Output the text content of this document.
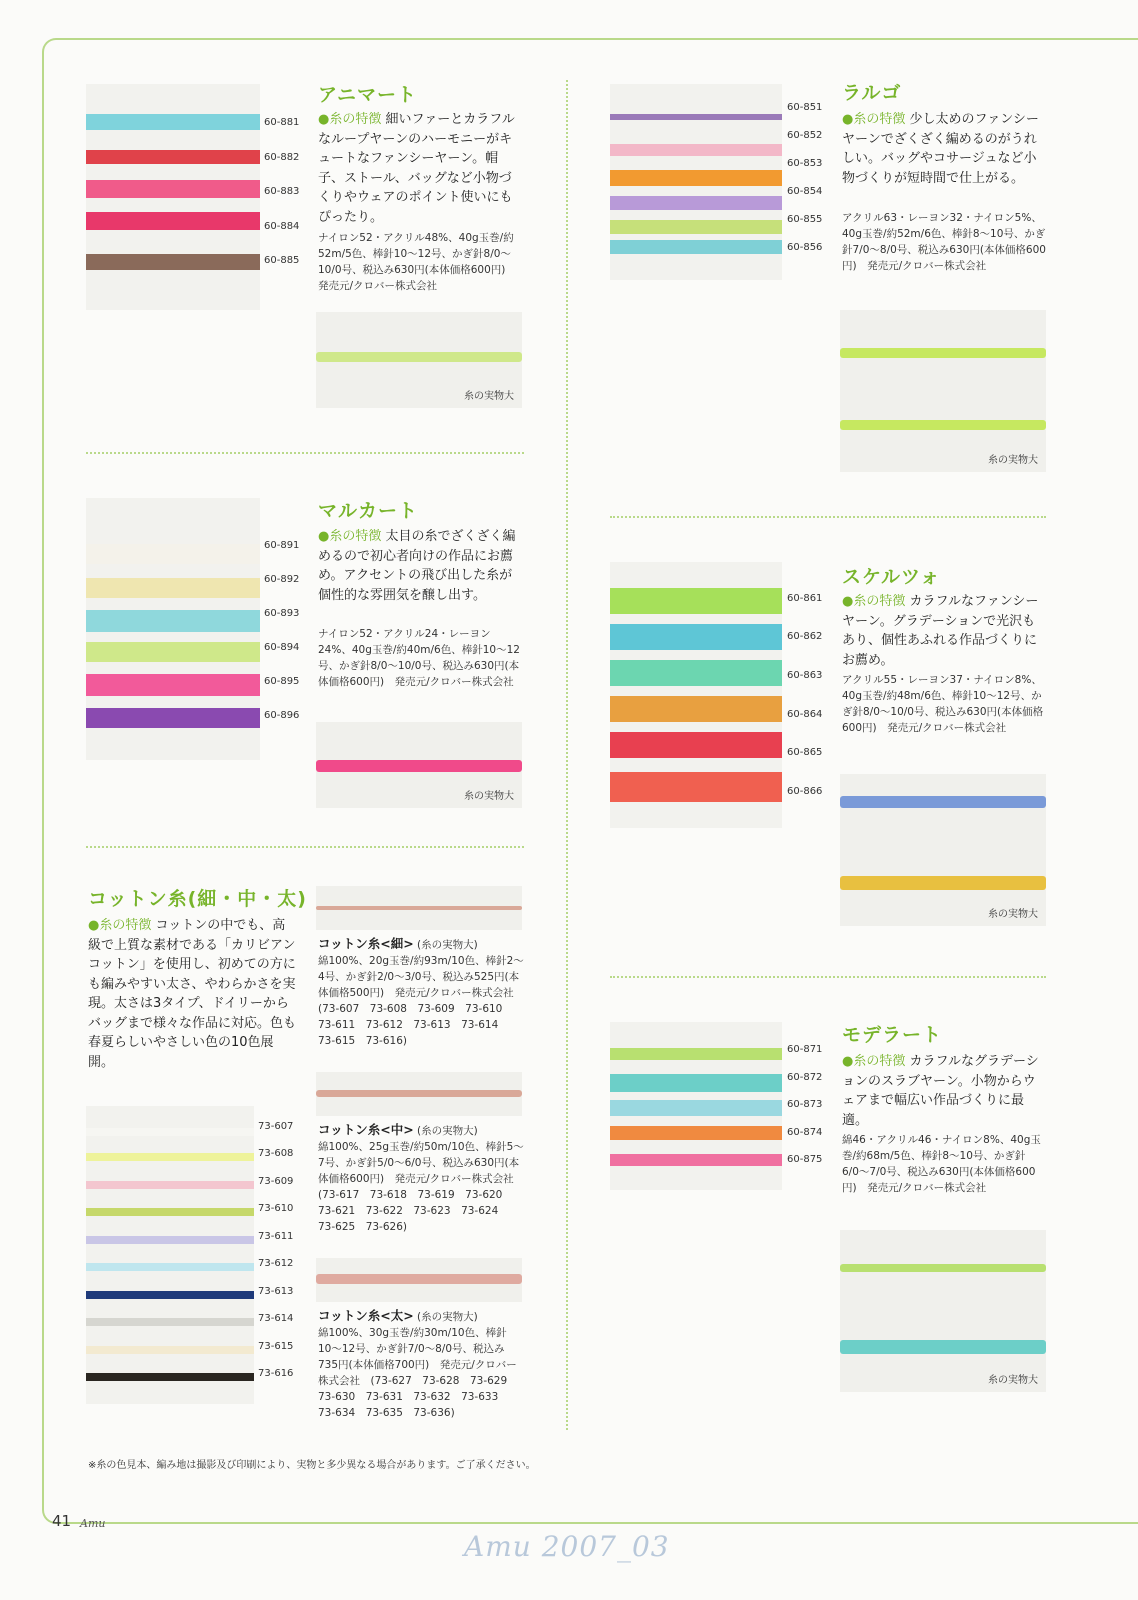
60-881
60-882
60-883
60-884
60-885
アニマート
●糸の特徴 細いファーとカラフルなループヤーンのハーモニーがキュートなファンシーヤーン。帽子、ストール、バッグなど小物づくりやウェアのポイント使いにもぴったり。
ナイロン52・アクリル48%、40g玉巻/約52m/5色、棒針10〜12号、かぎ針8/0〜10/0号、税込み630円(本体価格600円)　発売元/クロバー株式会社
糸の実物大
60-891
60-892
60-893
60-894
60-895
60-896
マルカート
●糸の特徴 太目の糸でざくざく編めるので初心者向けの作品にお薦め。アクセントの飛び出した糸が個性的な雰囲気を醸し出す。
ナイロン52・アクリル24・レーヨン24%、40g玉巻/約40m/6色、棒針10〜12号、かぎ針8/0〜10/0号、税込み630円(本体価格600円)　発売元/クロバー株式会社
糸の実物大
コットン糸(細・中・太)
●糸の特徴 コットンの中でも、高級で上質な素材である「カリビアンコットン」を使用し、初めての方にも編みやすい太さ、やわらかさを実現。太さは3タイプ、ドイリーからバッグまで様々な作品に対応。色も春夏らしいやさしい色の10色展開。
73-607
73-608
73-609
73-610
73-611
73-612
73-613
73-614
73-615
73-616
コットン糸<細> (糸の実物大)
綿100%、20g玉巻/約93m/10色、棒針2〜4号、かぎ針2/0〜3/0号、税込み525円(本体価格500円)　発売元/クロバー株式会社　(73-607　73-608　73-609　73-610　73-611　73-612　73-613　73-614　73-615　73-616)
コットン糸<中> (糸の実物大)
綿100%、25g玉巻/約50m/10色、棒針5〜7号、かぎ針5/0〜6/0号、税込み630円(本体価格600円)　発売元/クロバー株式会社　(73-617　73-618　73-619　73-620　73-621　73-622　73-623　73-624　73-625　73-626)
コットン糸<太> (糸の実物大)
綿100%、30g玉巻/約30m/10色、棒針10〜12号、かぎ針7/0〜8/0号、税込み735円(本体価格700円)　発売元/クロバー株式会社　(73-627　73-628　73-629　73-630　73-631　73-632　73-633　73-634　73-635　73-636)
60-851
60-852
60-853
60-854
60-855
60-856
ラルゴ
●糸の特徴 少し太めのファンシーヤーンでざくざく編めるのがうれしい。バッグやコサージュなど小物づくりが短時間で仕上がる。
アクリル63・レーヨン32・ナイロン5%、40g玉巻/約52m/6色、棒針8〜10号、かぎ針7/0〜8/0号、税込み630円(本体価格600円)　発売元/クロバー株式会社
糸の実物大
60-861
60-862
60-863
60-864
60-865
60-866
スケルツォ
●糸の特徴 カラフルなファンシーヤーン。グラデーションで光沢もあり、個性あふれる作品づくりにお薦め。
アクリル55・レーヨン37・ナイロン8%、40g玉巻/約48m/6色、棒針10〜12号、かぎ針8/0〜10/0号、税込み630円(本体価格600円)　発売元/クロバー株式会社
糸の実物大
60-871
60-872
60-873
60-874
60-875
モデラート
●糸の特徴 カラフルなグラデーションのスラブヤーン。小物からウェアまで幅広い作品づくりに最適。
綿46・アクリル46・ナイロン8%、40g玉巻/約68m/5色、棒針8〜10号、かぎ針6/0〜7/0号、税込み630円(本体価格600円)　発売元/クロバー株式会社
糸の実物大
※糸の色見本、編み地は撮影及び印刷により、実物と多少異なる場合があります。ご了承ください。
41 Amu
Amu 2007_03
